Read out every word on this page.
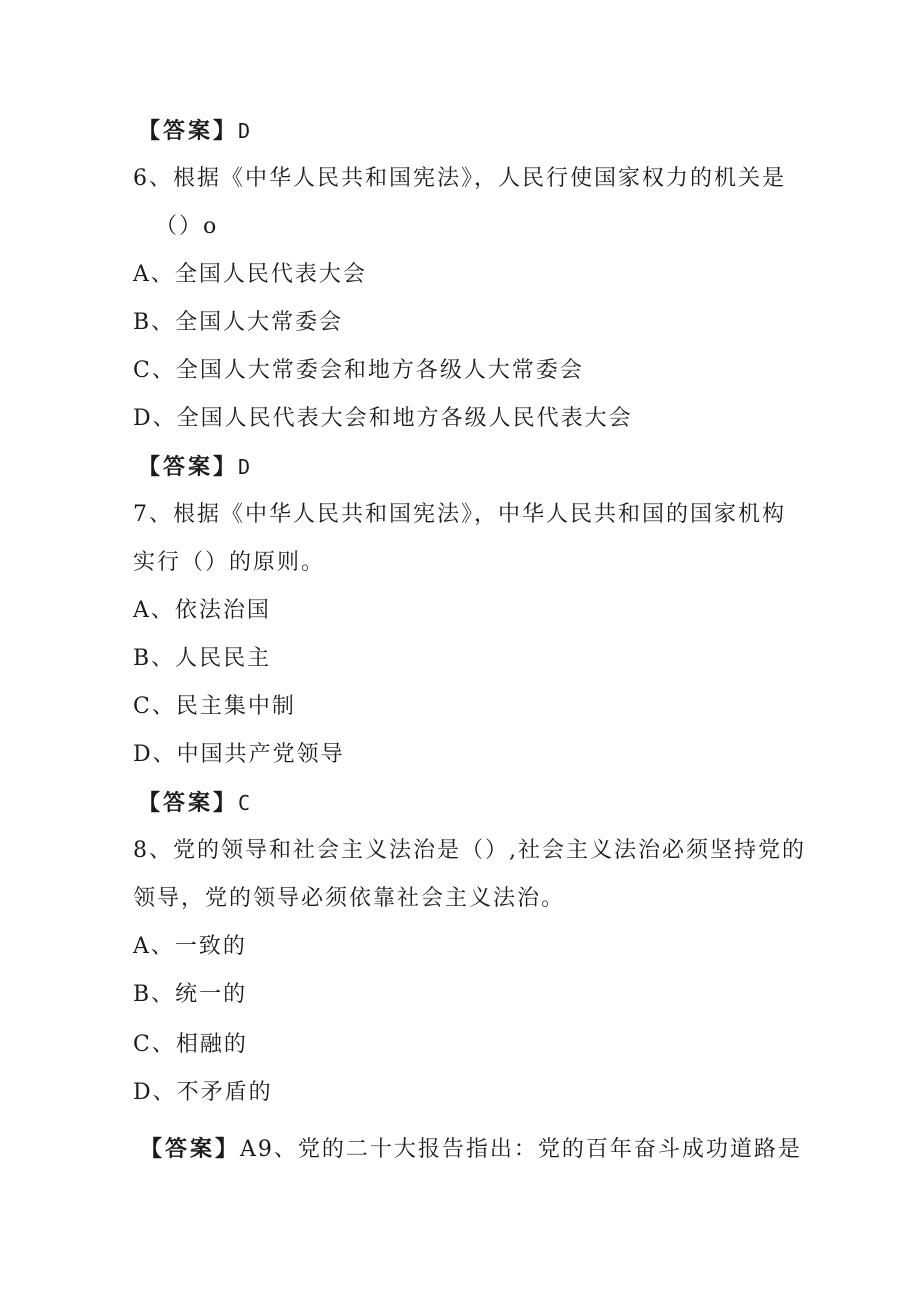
【答案】D
6、根据《中华人民共和国宪法》，人民行使国家权力的机关是
（）o
A、全国人民代表大会
B、全国人大常委会
C、全国人大常委会和地方各级人大常委会
D、全国人民代表大会和地方各级人民代表大会
【答案】D
7、根据《中华人民共和国宪法》，中华人民共和国的国家机构
实行（）的原则。
A、依法治国
B、人民民主
C、民主集中制
D、中国共产党领导
【答案】C
8、党的领导和社会主义法治是（）,社会主义法治必须坚持党的
领导，党的领导必须依靠社会主义法治。
A、一致的
B、统一的
C、相融的
D、不矛盾的
【答案】A9、党的二十大报告指出：党的百年奋斗成功道路是
